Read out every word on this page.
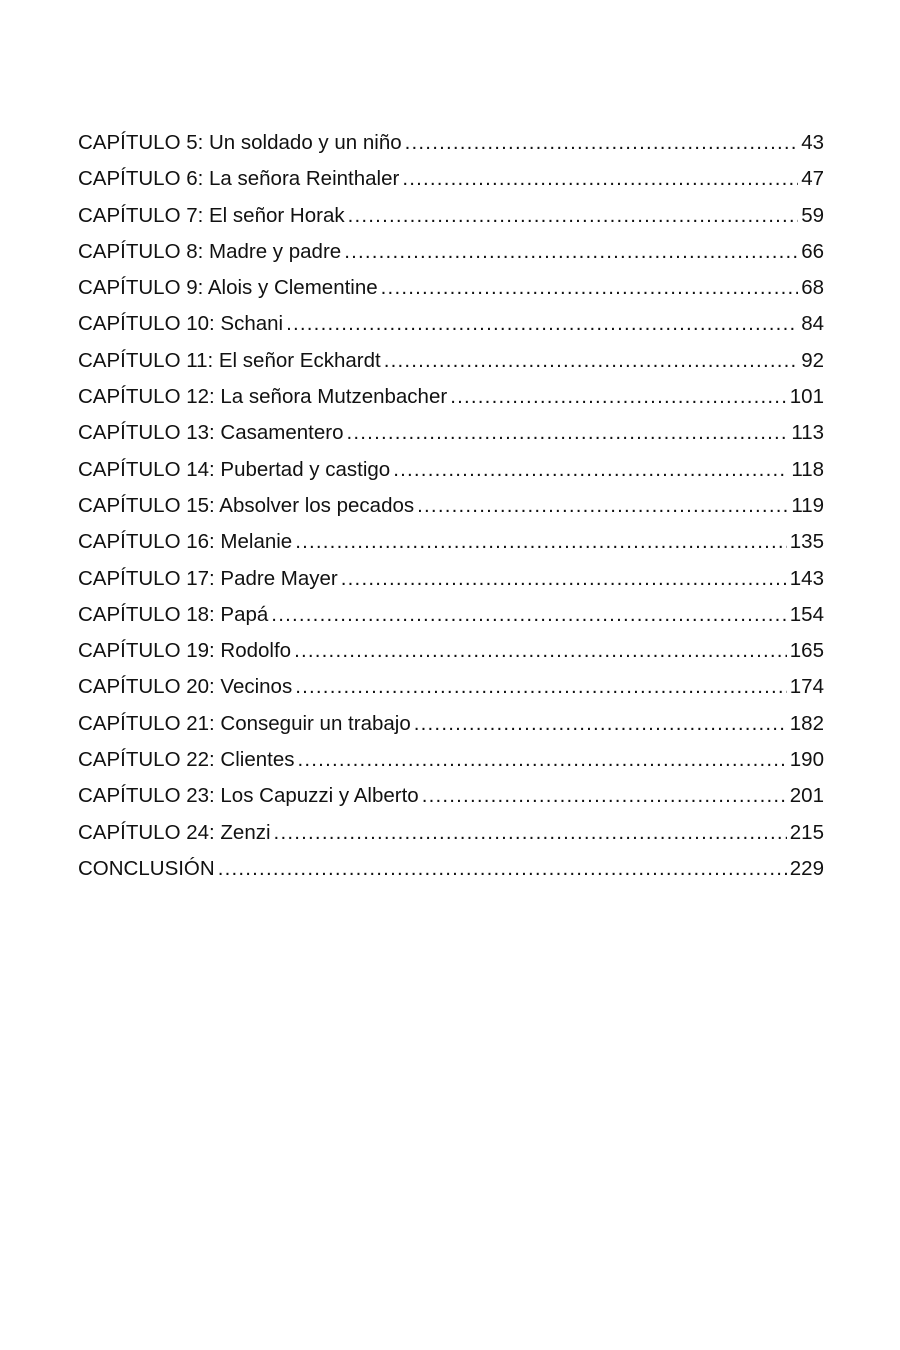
CAPÍTULO 5: Un soldado y un niño .....	43
CAPÍTULO 6: La señora Reinthaler .....	47
CAPÍTULO 7: El señor Horak .....	59
CAPÍTULO 8: Madre y padre .....	66
CAPÍTULO 9: Alois y Clementine .....	68
CAPÍTULO 10: Schani .....	84
CAPÍTULO 11: El señor Eckhardt .....	92
CAPÍTULO 12: La señora Mutzenbacher .....	101
CAPÍTULO 13: Casamentero .....	113
CAPÍTULO 14: Pubertad y castigo .....	118
CAPÍTULO 15: Absolver los pecados .....	119
CAPÍTULO 16: Melanie .....	135
CAPÍTULO 17: Padre Mayer .....	143
CAPÍTULO 18: Papá .....	154
CAPÍTULO 19: Rodolfo .....	165
CAPÍTULO 20: Vecinos .....	174
CAPÍTULO 21: Conseguir un trabajo .....	182
CAPÍTULO 22: Clientes .....	190
CAPÍTULO 23: Los Capuzzi y Alberto .....	201
CAPÍTULO 24: Zenzi .....	215
CONCLUSIÓN .....	229
